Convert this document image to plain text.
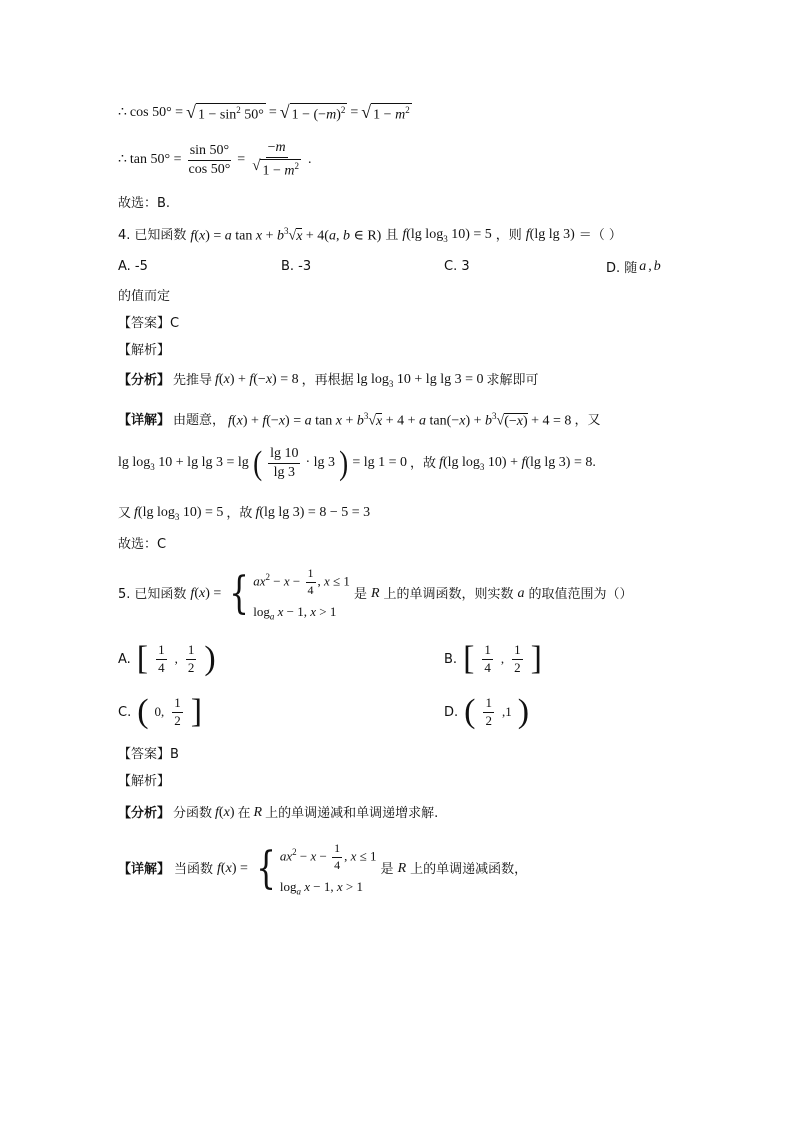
∴ cos 50° = √ $1 - \sin^2 50^\circ$ = √ $1 - (-m)^2$ = √ $1 - m^2$
∴ $\tan 50^\circ = \frac{\sin 50^\circ}{\cos 50^\circ} = \frac{-m}{√ 1 - m^2}$ .
故选：B.
4. 已知函数 f(x) = a $\tan x + b^3√x + 4(a$, b ∈ R) 且 f(lg $\log_3 10) = 5$ ，则 f(lg lg 3) ＝（ ）
A. -5	B. -3	C. 3	D. 随 a , b
的值而定
【答案】C
【解析】
【分析】 先推导 f(x) + f(−x) = 8 ，再根据 $\lg \log_3 10 + \lg \lg 3 = 0$ 求解即可
【详解】 由题意， f(x) + f(−x) = a $\tan x + b^3√x + 4 + a$ $\tan(-x) + b^3√(-x) + 4 = 8$ ，又
$\lg \log_3 10 + \lg \lg 3 = \lg$ ( lg 10
lg 3
· lg 3 ) = lg 1 = 0 ，故 f(lg $\log_3 10) + f(\lg$ lg 3) = 8.
又 f(lg $\log_3 10) = 5$ ，故 f(lg lg 3) = 8 − 5 = 3
故选：C
5. 已知函数 f(x) = { $ax^2 - x - \frac{1}{4}$ , x ≤ 1
$\log_a x - 1$, x > 1
是 R 上的单调函数，则实数 a 的取值范围为（）
A. [ 1
4
,
1
2 )	B. [ 1
4
,
1
2 ]
C. ( 0,
1
2 ]	D. ( 1
2
,1 )
【答案】B
【解析】
【分析】 分函数 f(x) 在 R 上的单调递减和单调递增求解.
【详解】 当函数 f(x) = { $ax^2 - x - \frac{1}{4}$ , x ≤ 1
$\log_a x - 1$, x > 1
是 R 上的单调递减函数，
